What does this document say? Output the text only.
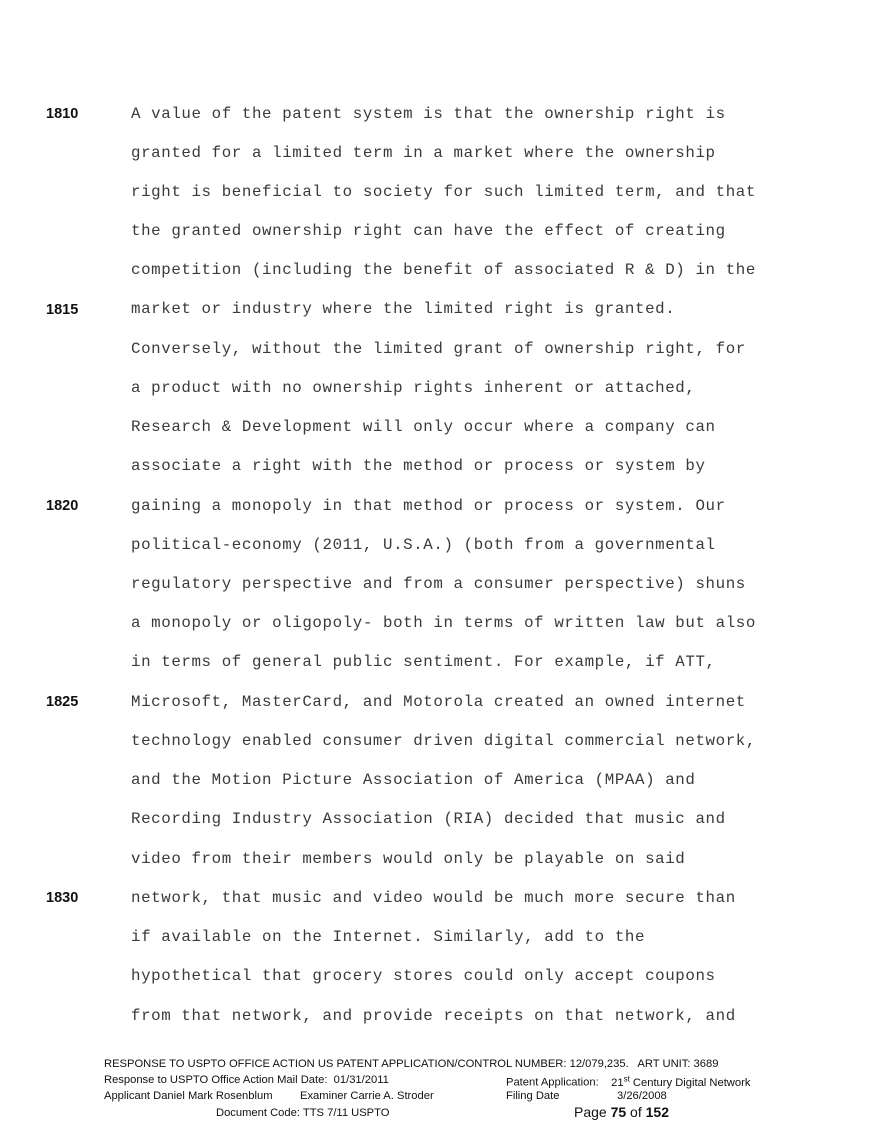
1810
1815
1820
1825
1830
A value of the patent system is that the ownership right is
granted for a limited term in a market where the ownership
right is beneficial to society for such limited term, and that
the granted ownership right can have the effect of creating
competition (including the benefit of associated R & D) in the
market or industry where the limited right is granted.
Conversely, without the limited grant of ownership right, for
a product with no ownership rights inherent or attached,
Research & Development will only occur where a company can
associate a right with the method or process or system by
gaining a monopoly in that method or process or system. Our
political-economy (2011, U.S.A.) (both from a governmental
regulatory perspective and from a consumer perspective) shuns
a monopoly or oligopoly- both in terms of written law but also
in terms of general public sentiment. For example, if ATT,
Microsoft, MasterCard, and Motorola created an owned internet
technology enabled consumer driven digital commercial network,
and the Motion Picture Association of America (MPAA) and
Recording Industry Association (RIA) decided that music and
video from their members would only be playable on said
network, that music and video would be much more secure than
if available on the Internet. Similarly, add to the
hypothetical that grocery stores could only accept coupons
from that network, and provide receipts on that network, and
RESPONSE TO USPTO OFFICE ACTION US PATENT APPLICATION/CONTROL NUMBER: 12/079,235.   ART UNIT: 3689
Response to USPTO Office Action Mail Date:  01/31/2011	Patent Application: 21st Century Digital Network
Applicant Daniel Mark Rosenblum Examiner Carrie A. Stroder	Filing Date	3/26/2008
Document Code: TTS 7/11 USPTO	Page 75 of 152
